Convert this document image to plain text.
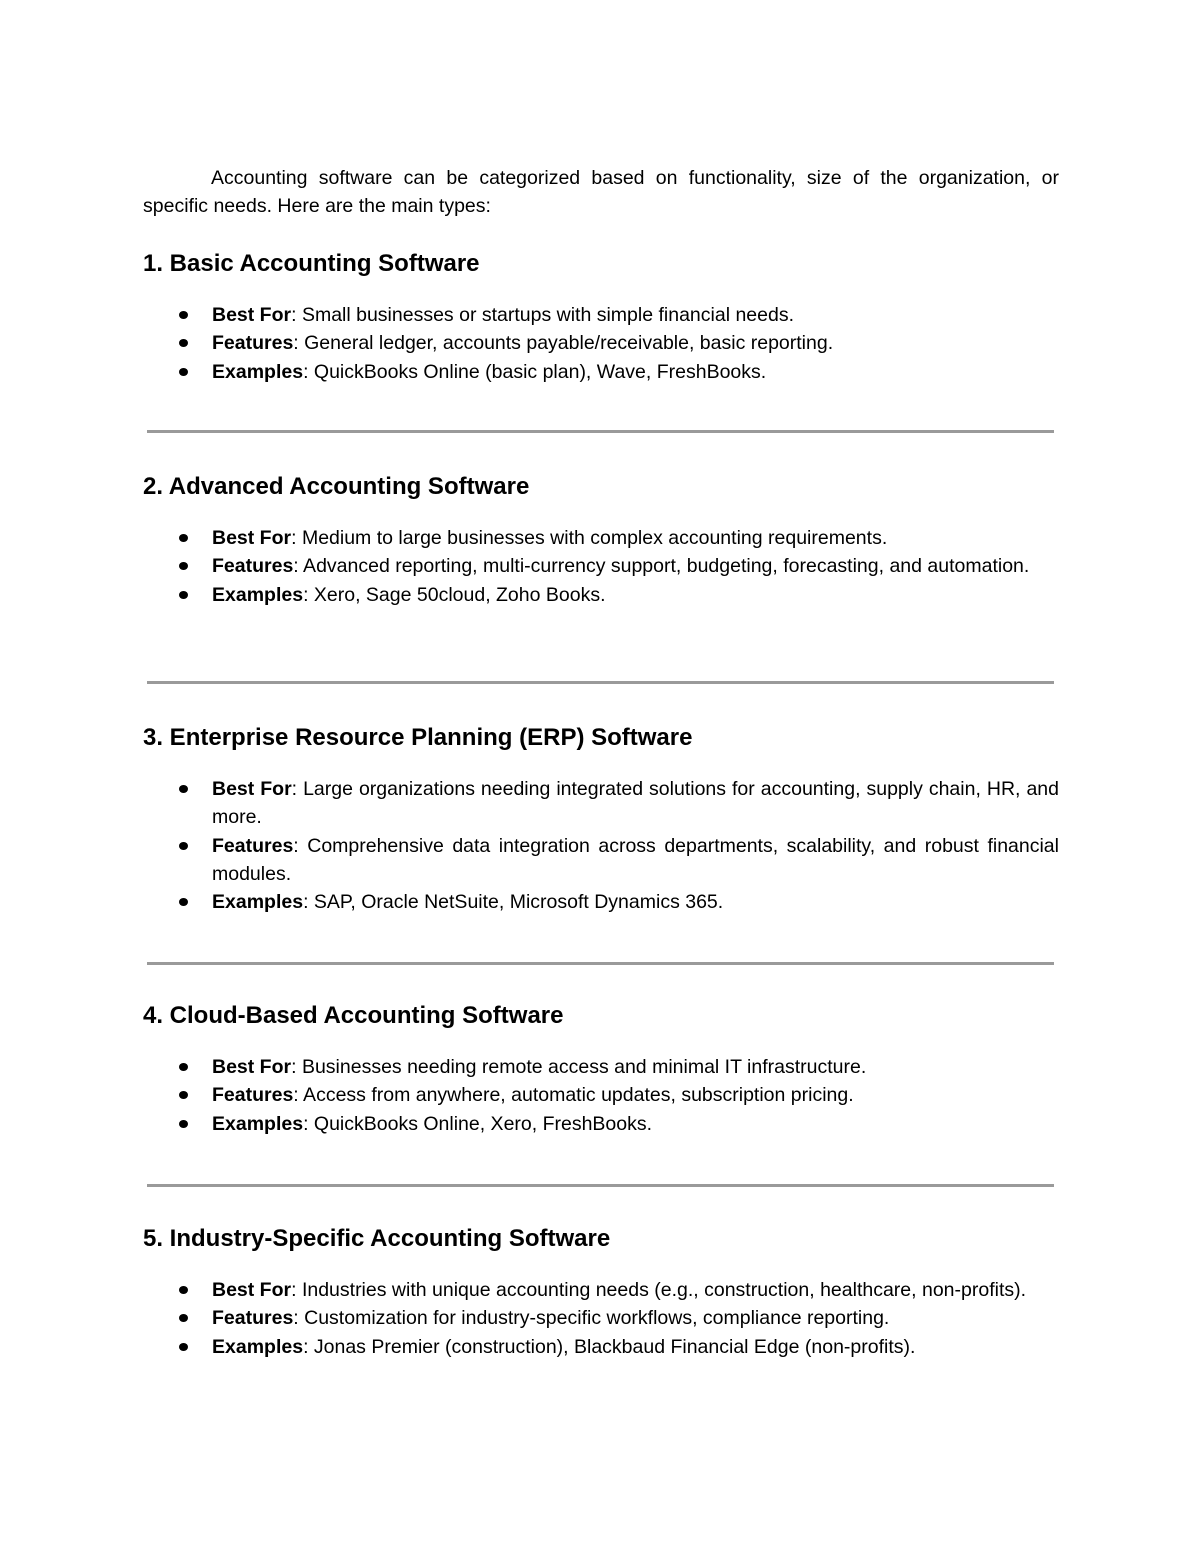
Accounting software can be categorized based on functionality, size of the organization, or specific needs. Here are the main types:

1. Basic Accounting Software
Best For: Small businesses or startups with simple financial needs.
Features: General ledger, accounts payable/receivable, basic reporting.
Examples: QuickBooks Online (basic plan), Wave, FreshBooks.
2. Advanced Accounting Software
Best For: Medium to large businesses with complex accounting requirements.
Features: Advanced reporting, multi-currency support, budgeting, forecasting, and automation.
Examples: Xero, Sage 50cloud, Zoho Books.
3. Enterprise Resource Planning (ERP) Software
Best For: Large organizations needing integrated solutions for accounting, supply chain, HR, and more.
Features: Comprehensive data integration across departments, scalability, and robust financial modules.
Examples: SAP, Oracle NetSuite, Microsoft Dynamics 365.
4. Cloud-Based Accounting Software
Best For: Businesses needing remote access and minimal IT infrastructure.
Features: Access from anywhere, automatic updates, subscription pricing.
Examples: QuickBooks Online, Xero, FreshBooks.
5. Industry-Specific Accounting Software
Best For: Industries with unique accounting needs (e.g., construction, healthcare, non-profits).
Features: Customization for industry-specific workflows, compliance reporting.
Examples: Jonas Premier (construction), Blackbaud Financial Edge (non-profits).
